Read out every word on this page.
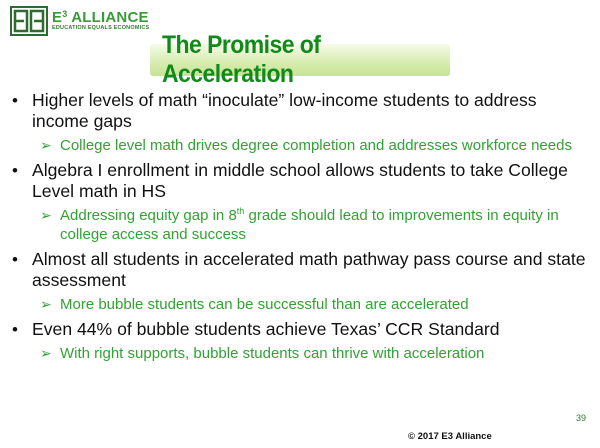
$E^3$ ALLIANCE
EDUCATION EQUALS ECONOMICS
The Promise of Acceleration
• Higher levels of math “inoculate” low-income students to address income gaps
➢ College level math drives degree completion and addresses workforce needs
• Algebra I enrollment in middle school allows students to take College Level math in HS
➢ Addressing equity gap in 8th grade should lead to improvements in equity in college access and success
• Almost all students in accelerated math pathway pass course and state assessment
➢ More bubble students can be successful than are accelerated
• Even 44% of bubble students achieve Texas’ CCR Standard
➢ With right supports, bubble students can thrive with acceleration
39
© 2017 E3 Alliance
